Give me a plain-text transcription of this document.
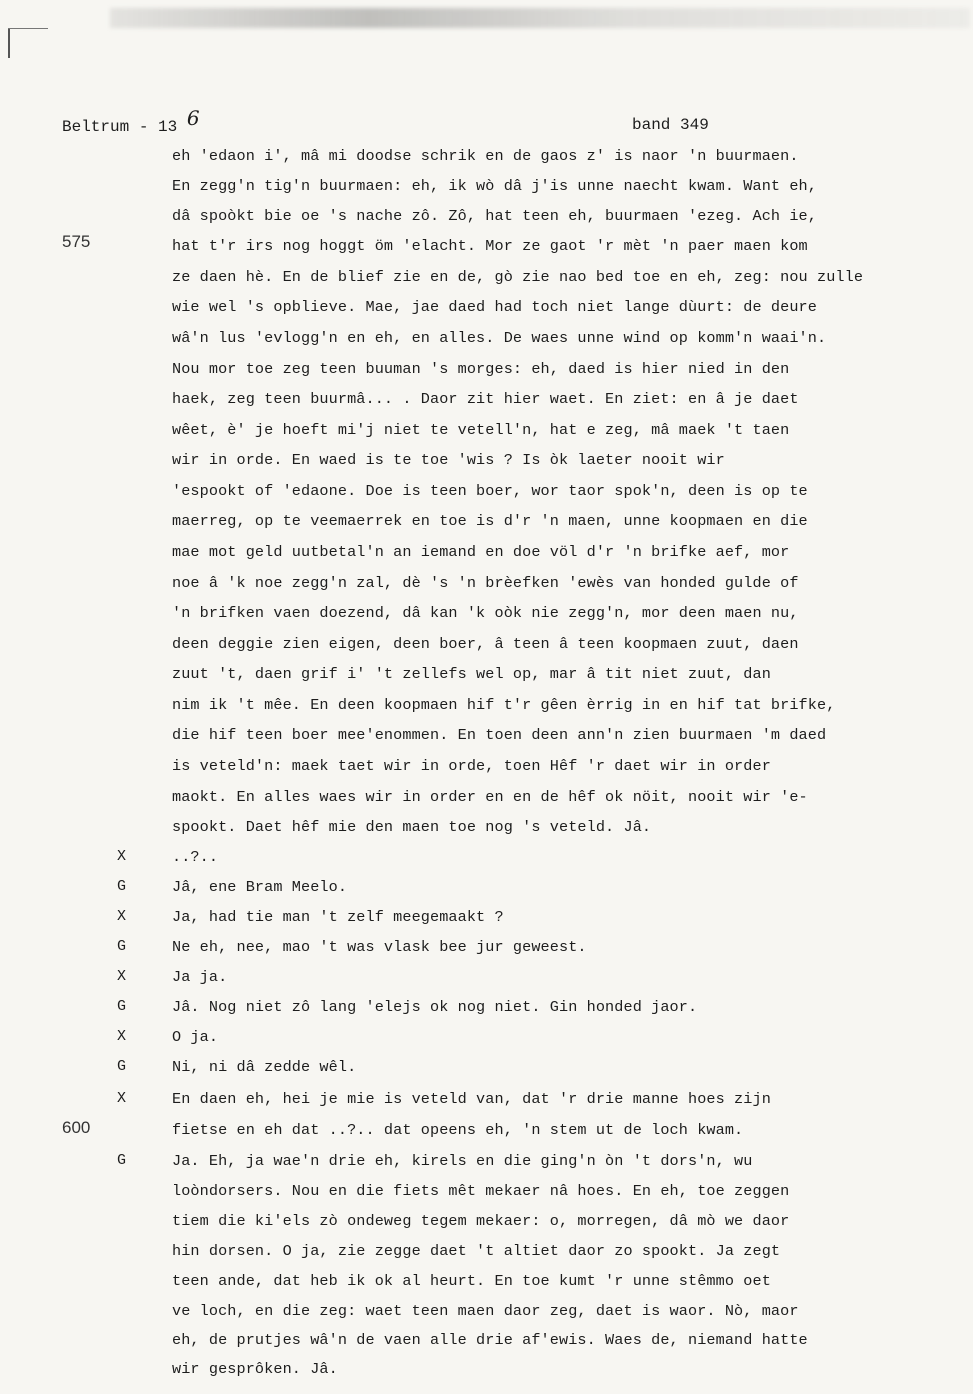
Beltrum - 13 6	band 349
575
600
X
G
X
G
X
G
X
G
X
G
eh 'edaon i', mâ mi doodse schrik en de gaos z' is naor 'n buurmaen.
En zegg'n tig'n buurmaen: eh, ik wò dâ j'is unne naecht kwam. Want eh,
dâ spoòkt bie oe 's nache zô. Zô, hat teen eh, buurmaen 'ezeg. Ach ie,
hat t'r irs nog hoggt öm 'elacht. Mor ze gaot 'r mèt 'n paer maen kom
ze daen hè. En de blief zie en de, gò zie nao bed toe en eh, zeg: nou zulle
wie wel 's opblieve. Mae, jae daed had toch niet lange dùurt: de deure
wâ'n lus 'evlogg'n en eh, en alles. De waes unne wind op komm'n waai'n.
Nou mor toe zeg teen buuman 's morges: eh, daed is hier nied in den
haek, zeg teen buurmâ... . Daor zit hier waet. En ziet: en â je daet
wêet, è' je hoeft mi'j niet te vetell'n, hat e zeg, mâ maek 't taen
wir in orde. En waed is te toe 'wis ? Is òk laeter nooit wir
'espookt of 'edaone. Doe is teen boer, wor taor spok'n, deen is op te
maerreg, op te veemaerrek en toe is d'r 'n maen, unne koopmaen en die
mae mot geld uutbetal'n an iemand en doe völ d'r 'n brifke aef, mor
noe â 'k noe zegg'n zal, dè 's 'n brèefken 'ewès van honded gulde of
'n brifken vaen doezend, dâ kan 'k oòk nie zegg'n, mor deen maen nu,
deen deggie zien eigen, deen boer, â teen â teen koopmaen zuut, daen
zuut 't, daen grif i' 't zellefs wel op, mar â tit niet zuut, dan
nim ik 't mêe. En deen koopmaen hif t'r gêen èrrig in en hif tat brifke,
die hif teen boer mee'enommen. En toen deen ann'n zien buurmaen 'm daed
is veteld'n: maek taet wir in orde, toen Hêf 'r daet wir in order
maokt. En alles waes wir in order en en de hêf ok nöit, nooit wir 'e-
spookt. Daet hêf mie den maen toe nog 's veteld. Jâ.
..?..
Jâ, ene Bram Meelo.
Ja, had tie man 't zelf meegemaakt ?
Ne eh, nee, mao 't was vlask bee jur geweest.
Ja ja.
Jâ. Nog niet zô lang 'elejs ok nog niet. Gin honded jaor.
O ja.
Ni, ni dâ zedde wêl.
En daen eh, hei je mie is veteld van, dat 'r drie manne hoes zijn
fietse en eh dat ..?.. dat opeens eh, 'n stem ut de loch kwam.
Ja. Eh, ja wae'n drie eh, kirels en die ging'n òn 't dors'n, wu
loòndorsers. Nou en die fiets mêt mekaer nâ hoes. En eh, toe zeggen
tiem die ki'els zò ondeweg tegem mekaer: o, morregen, dâ mò we daor
hin dorsen. O ja, zie zegge daet 't altiet daor zo spookt. Ja zegt
teen ande, dat heb ik ok al heurt. En toe kumt 'r unne stêmmo oet
ve loch, en die zeg: waet teen maen daor zeg, daet is waor. Nò, maor
eh, de prutjes wâ'n de vaen alle drie af'ewis. Waes de, niemand hatte
wir gesprôken. Jâ.
